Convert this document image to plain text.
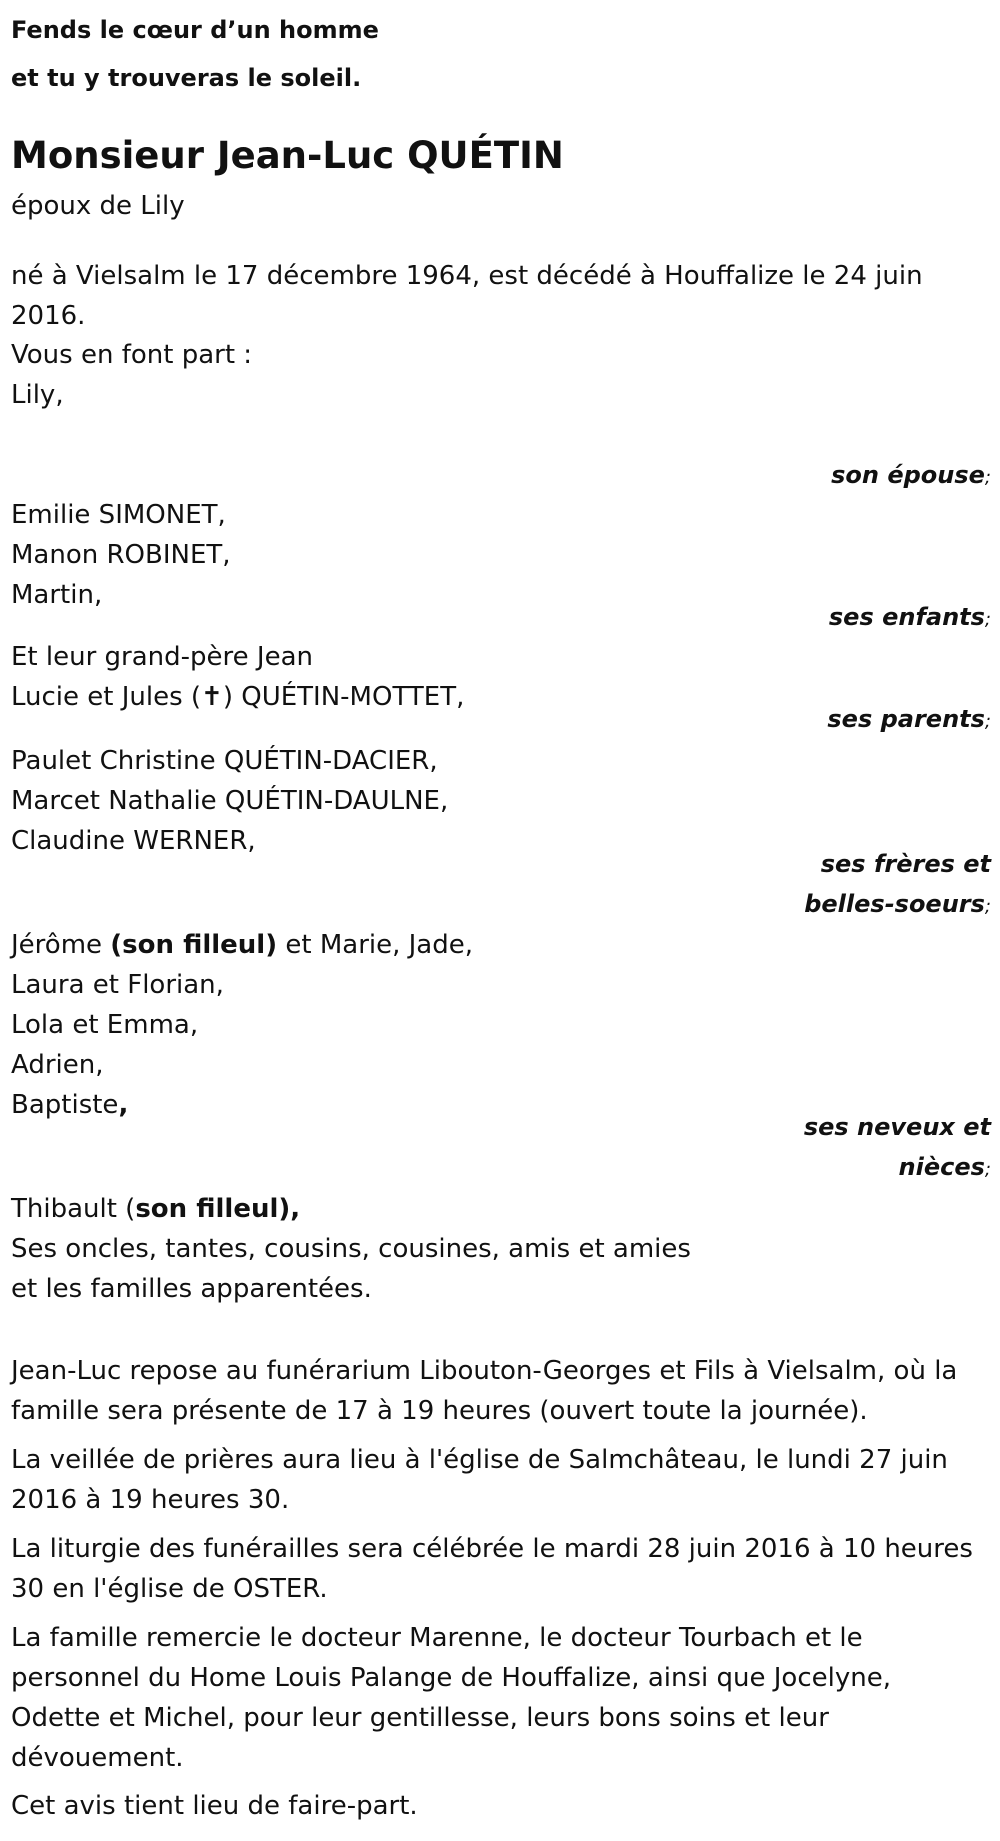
Fends le cœur d’un homme
et tu y trouveras le soleil.
Monsieur Jean-Luc QUÉTIN
époux de Lily
né à Vielsalm le 17 décembre 1964, est décédé à Houffalize le 24 juin
2016.
Vous en font part :
Lily,
son épouse;
Emilie SIMONET,
Manon ROBINET,
Martin,
ses enfants;
Et leur grand-père Jean
Lucie et Jules (✝) QUÉTIN-MOTTET,
ses parents;
Paulet Christine QUÉTIN-DACIER,
Marcet Nathalie QUÉTIN-DAULNE,
Claudine WERNER,
ses frères et
belles-soeurs;
Jérôme (son filleul) et Marie, Jade,
Laura et Florian,
Lola et Emma,
Adrien,
Baptiste,
ses neveux et
nièces;
Thibault (son filleul),
Ses oncles, tantes, cousins, cousines, amis et amies
et les familles apparentées.
Jean-Luc repose au funérarium Libouton-Georges et Fils à Vielsalm, où la
famille sera présente de 17 à 19 heures (ouvert toute la journée).
La veillée de prières aura lieu à l'église de Salmchâteau, le lundi 27 juin
2016 à 19 heures 30.
La liturgie des funérailles sera célébrée le mardi 28 juin 2016 à 10 heures
30 en l'église de OSTER.
La famille remercie le docteur Marenne, le docteur Tourbach et le
personnel du Home Louis Palange de Houffalize, ainsi que Jocelyne,
Odette et Michel, pour leur gentillesse, leurs bons soins et leur
dévouement.
Cet avis tient lieu de faire-part.
